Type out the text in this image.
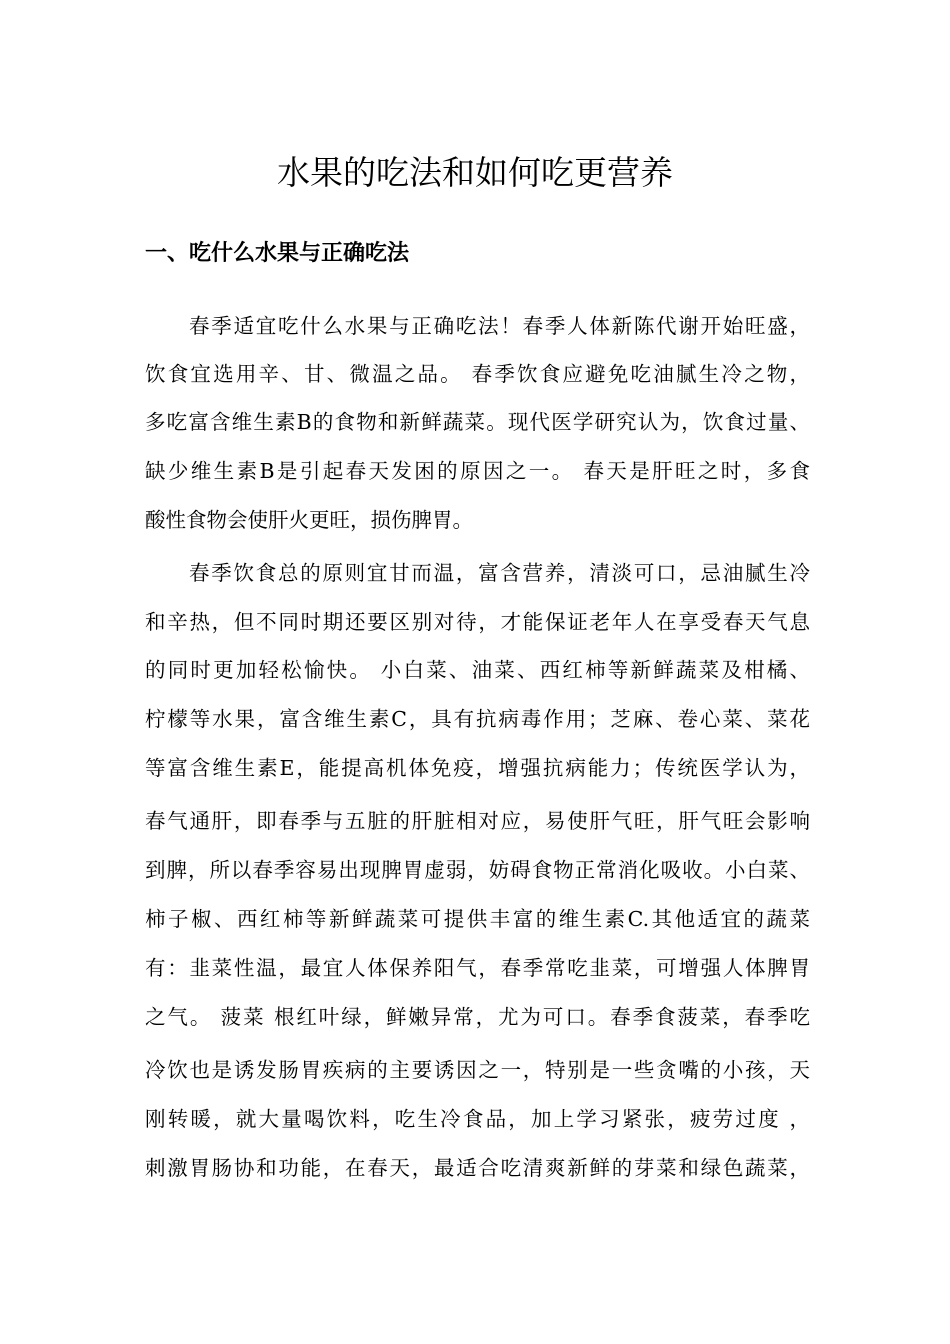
水果的吃法和如何吃更营养
一、吃什么水果与正确吃法
春季适宜吃什么水果与正确吃法！春季人体新陈代谢开始旺盛，
饮食宜选用辛、甘、微温之品。 春季饮食应避免吃油腻生冷之物，
多吃富含维生素B的食物和新鲜蔬菜。现代医学研究认为，饮食过量、
缺少维生素B是引起春天发困的原因之一。 春天是肝旺之时，多食
酸性食物会使肝火更旺，损伤脾胃。
春季饮食总的原则宜甘而温，富含营养，清淡可口，忌油腻生冷
和辛热，但不同时期还要区别对待，才能保证老年人在享受春天气息
的同时更加轻松愉快。 小白菜、油菜、西红柿等新鲜蔬菜及柑橘、
柠檬等水果，富含维生素C，具有抗病毒作用；芝麻、卷心菜、菜花
等富含维生素E，能提高机体免疫，增强抗病能力；传统医学认为，
春气通肝，即春季与五脏的肝脏相对应，易使肝气旺，肝气旺会影响
到脾，所以春季容易出现脾胃虚弱，妨碍食物正常消化吸收。小白菜、
柿子椒、西红柿等新鲜蔬菜可提供丰富的维生素C.其他适宜的蔬菜
有：韭菜性温，最宜人体保养阳气，春季常吃韭菜，可增强人体脾胃
之气。 菠菜 根红叶绿，鲜嫩异常，尤为可口。春季食菠菜，春季吃
冷饮也是诱发肠胃疾病的主要诱因之一，特别是一些贪嘴的小孩，天
刚转暖，就大量喝饮料，吃生冷食品，加上学习紧张，疲劳过度 ，
刺激胃肠协和功能，在春天，最适合吃清爽新鲜的芽菜和绿色蔬菜，
